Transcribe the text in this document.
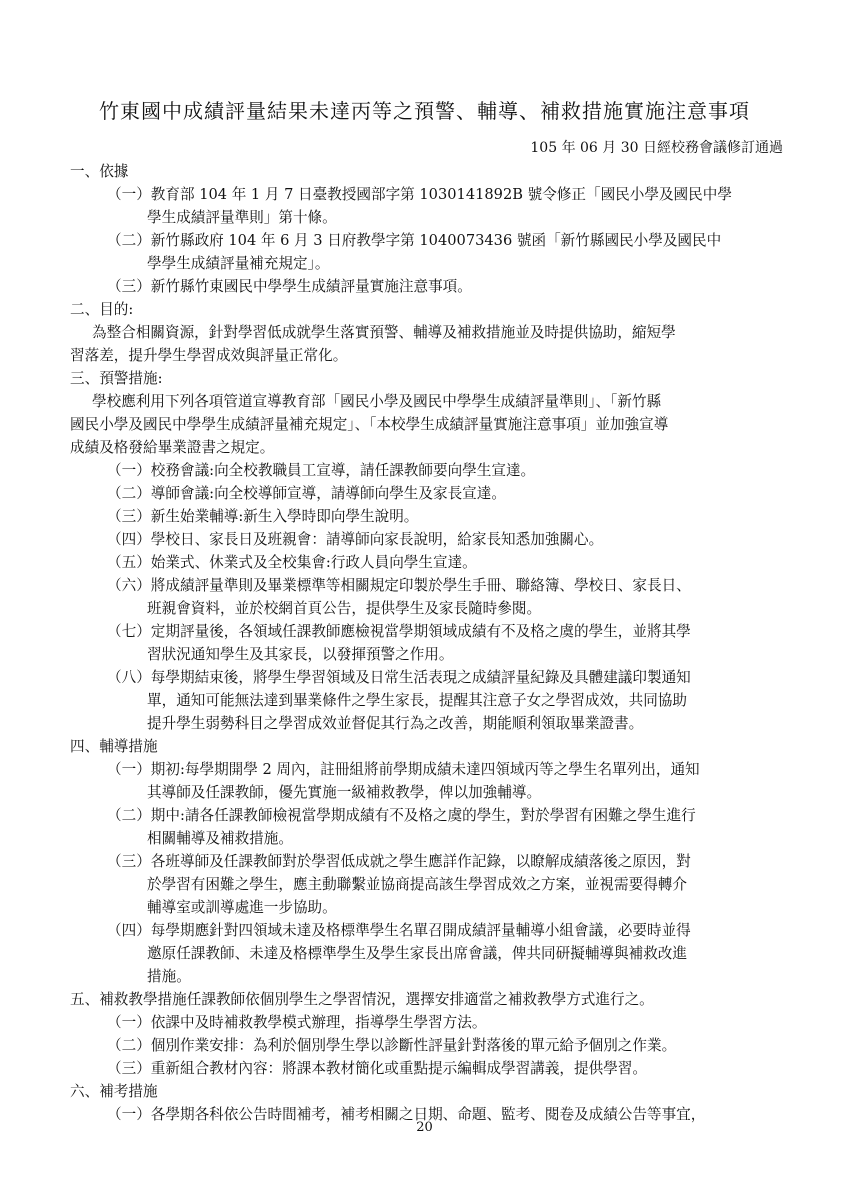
竹東國中成績評量結果未達丙等之預警、輔導、補救措施實施注意事項
105 年 06 月 30 日經校務會議修訂通過
一、依據
（一）教育部 104 年 1 月 7 日臺教授國部字第 1030141892B 號令修正「國民小學及國民中學
學生成績評量準則」第十條。
（二）新竹縣政府 104 年 6 月 3 日府教學字第 1040073436 號函「新竹縣國民小學及國民中
學學生成績評量補充規定」。
（三）新竹縣竹東國民中學學生成績評量實施注意事項。
二、目的:
為整合相關資源，針對學習低成就學生落實預警、輔導及補救措施並及時提供協助，縮短學
習落差，提升學生學習成效與評量正常化。
三、預警措施:
學校應利用下列各項管道宣導教育部「國民小學及國民中學學生成績評量準則」、「新竹縣
國民小學及國民中學學生成績評量補充規定」、「本校學生成績評量實施注意事項」並加強宣導
成績及格發給畢業證書之規定。
（一）校務會議:向全校教職員工宣導，請任課教師要向學生宣達。
（二）導師會議:向全校導師宣導，請導師向學生及家長宣達。
（三）新生始業輔導:新生入學時即向學生說明。
（四）學校日、家長日及班親會：請導師向家長說明，給家長知悉加強關心。
（五）始業式、休業式及全校集會:行政人員向學生宣達。
（六）將成績評量準則及畢業標準等相關規定印製於學生手冊、聯絡簿、學校日、家長日、
班親會資料，並於校網首頁公告，提供學生及家長隨時參閱。
（七）定期評量後，各領域任課教師應檢視當學期領域成績有不及格之虞的學生，並將其學
習狀況通知學生及其家長，以發揮預警之作用。
（八）每學期結束後，將學生學習領域及日常生活表現之成績評量紀錄及具體建議印製通知
單，通知可能無法達到畢業條件之學生家長，提醒其注意子女之學習成效，共同協助
提升學生弱勢科目之學習成效並督促其行為之改善，期能順利領取畢業證書。
四、輔導措施
（一）期初:每學期開學 2 周內，註冊組將前學期成績未達四領域丙等之學生名單列出，通知
其導師及任課教師，優先實施一級補救教學，俾以加強輔導。
（二）期中:請各任課教師檢視當學期成績有不及格之虞的學生，對於學習有困難之學生進行
相關輔導及補救措施。
（三）各班導師及任課教師對於學習低成就之學生應詳作記錄，以瞭解成績落後之原因，對
於學習有困難之學生，應主動聯繫並協商提高該生學習成效之方案，並視需要得轉介
輔導室或訓導處進一步協助。
（四）每學期應針對四領域未達及格標準學生名單召開成績評量輔導小組會議，必要時並得
邀原任課教師、未達及格標準學生及學生家長出席會議，俾共同研擬輔導與補救改進
措施。
五、補救教學措施任課教師依個別學生之學習情況，選擇安排適當之補救教學方式進行之。
（一）依課中及時補救教學模式辦理，指導學生學習方法。
（二）個別作業安排：為利於個別學生學以診斷性評量針對落後的單元給予個別之作業。
（三）重新組合教材內容：將課本教材簡化或重點提示編輯成學習講義，提供學習。
六、補考措施
（一）各學期各科依公告時間補考，補考相關之日期、命題、監考、閱卷及成績公告等事宜，
20
